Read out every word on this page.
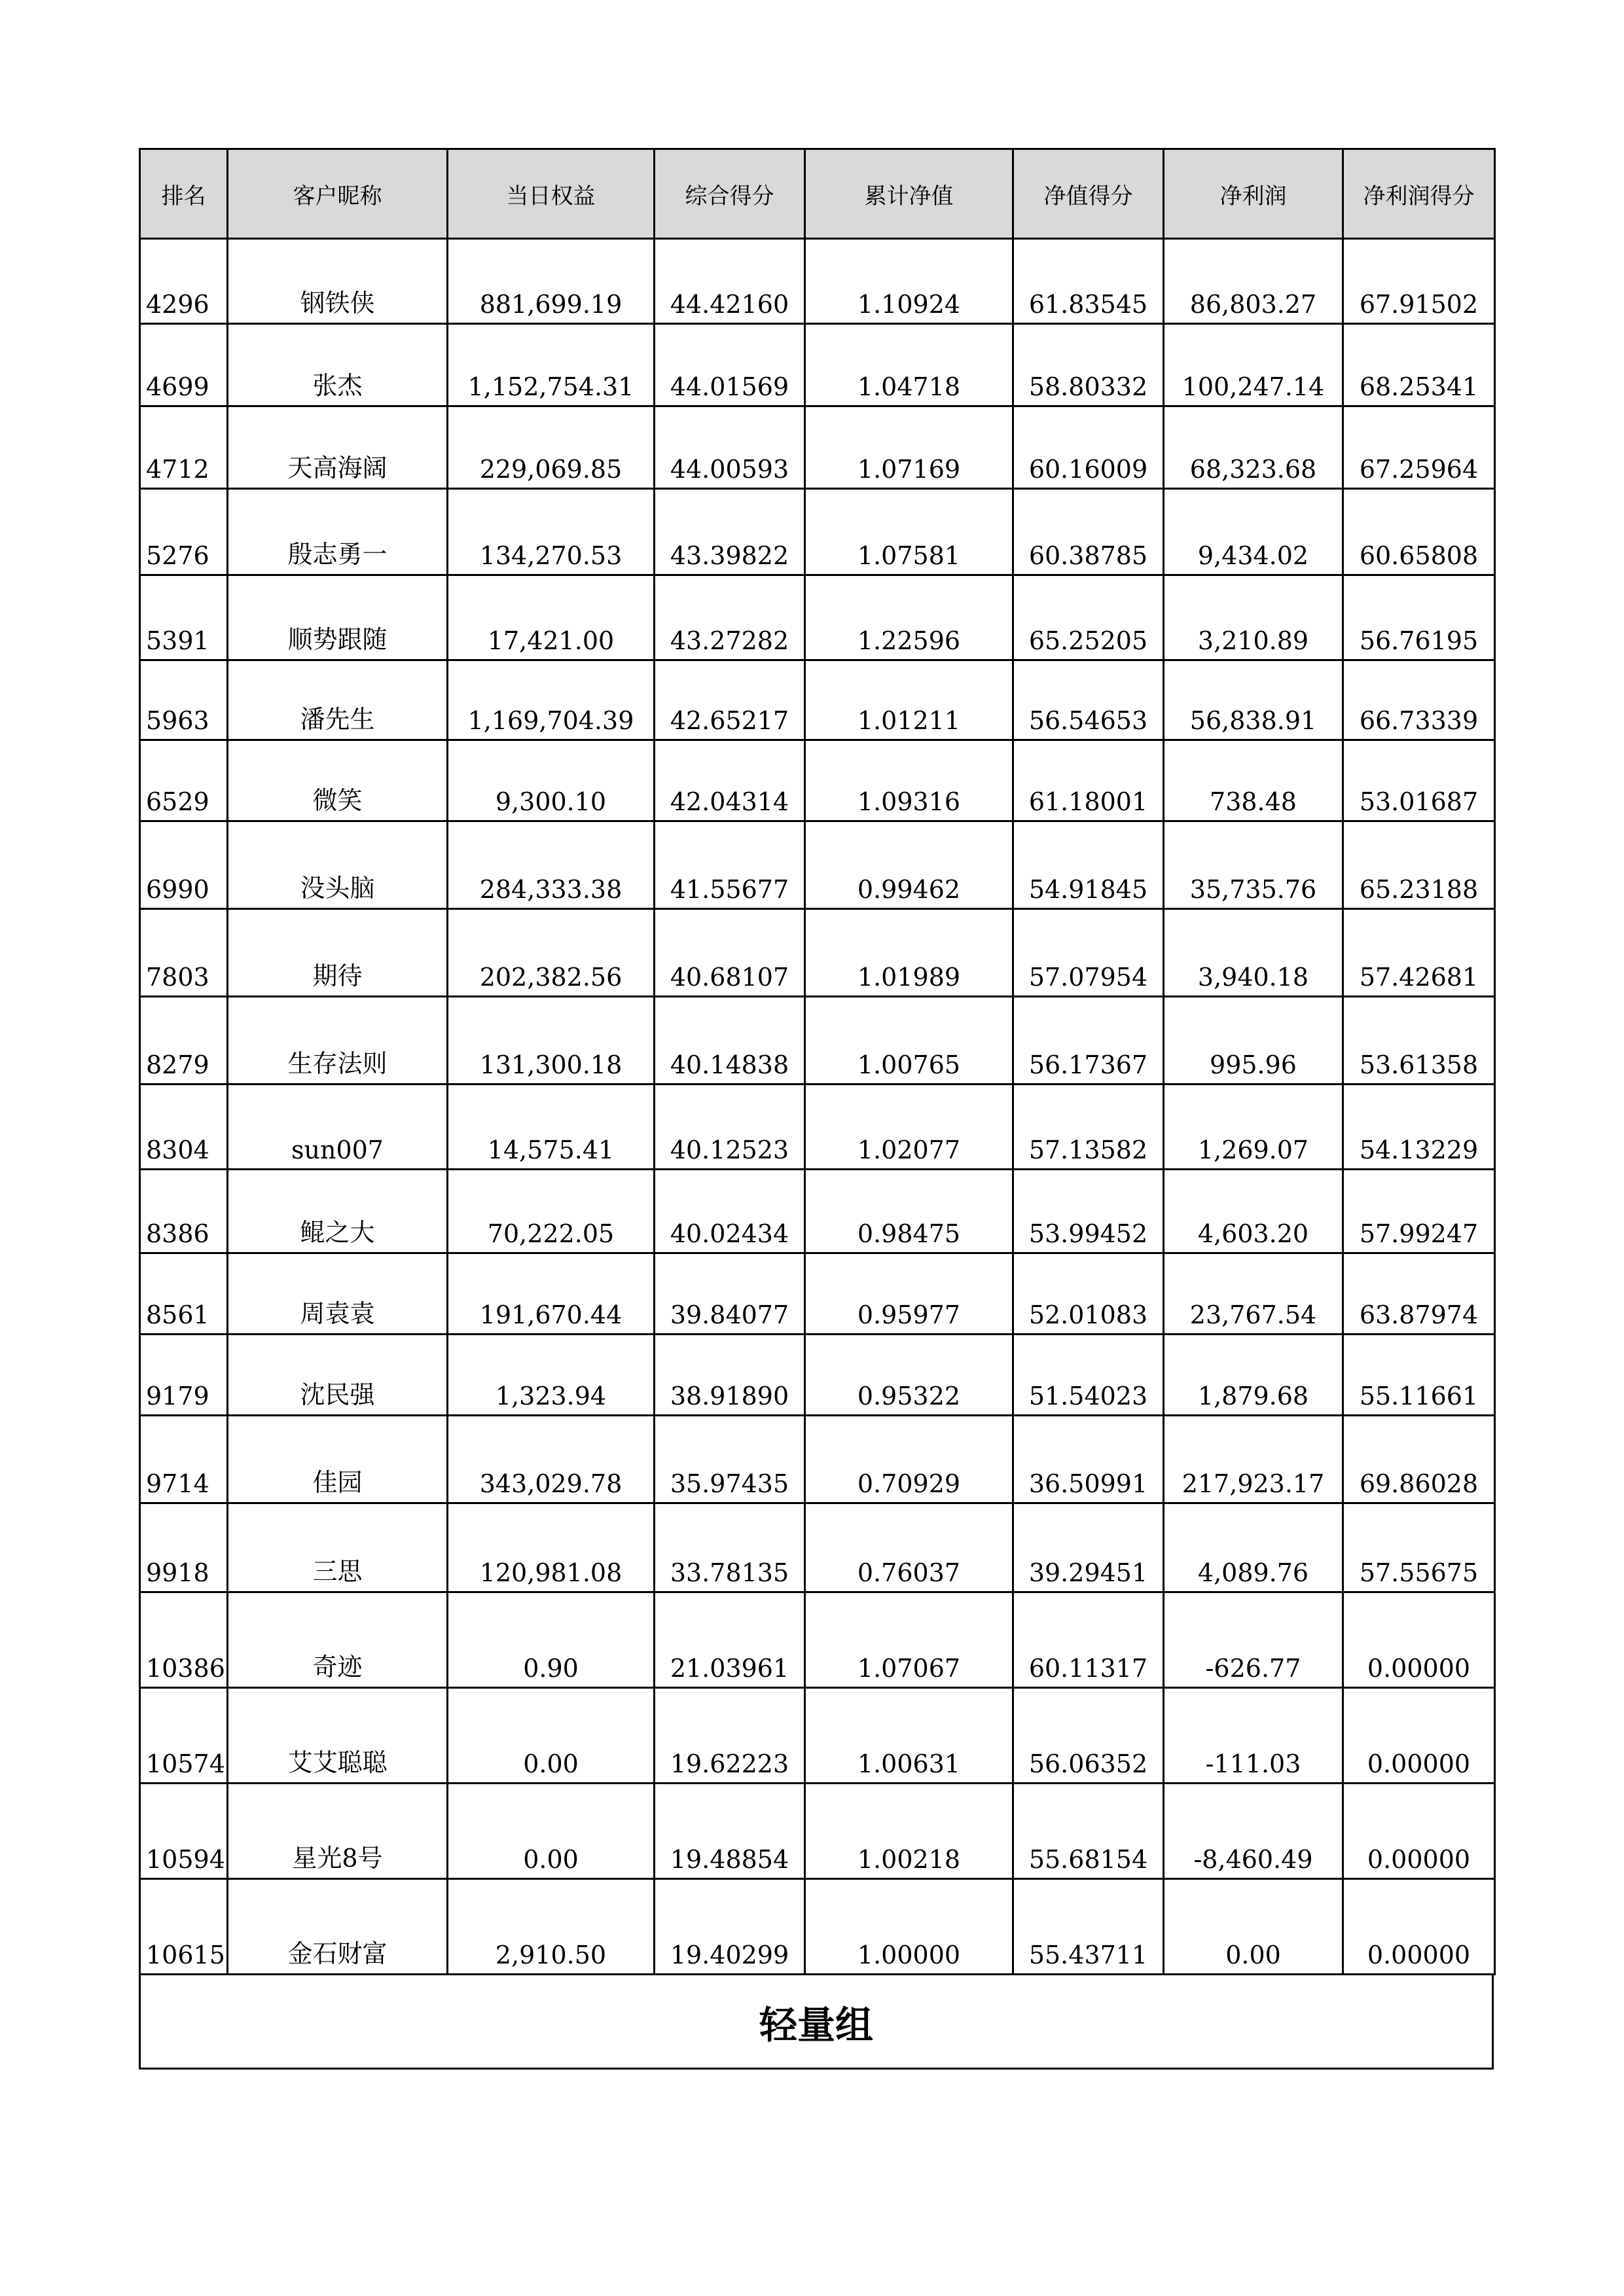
排名	客户昵称	当日权益	综合得分	累计净值	净值得分	净利润	净利润得分
4296	钢铁侠	881,699.19	44.42160	1.10924	61.83545	86,803.27	67.91502
4699	张杰	1,152,754.31	44.01569	1.04718	58.80332	100,247.14	68.25341
4712	天高海阔	229,069.85	44.00593	1.07169	60.16009	68,323.68	67.25964
5276	殷志勇一	134,270.53	43.39822	1.07581	60.38785	9,434.02	60.65808
5391	顺势跟随	17,421.00	43.27282	1.22596	65.25205	3,210.89	56.76195
5963	潘先生	1,169,704.39	42.65217	1.01211	56.54653	56,838.91	66.73339
6529	微笑	9,300.10	42.04314	1.09316	61.18001	738.48	53.01687
6990	没头脑	284,333.38	41.55677	0.99462	54.91845	35,735.76	65.23188
7803	期待	202,382.56	40.68107	1.01989	57.07954	3,940.18	57.42681
8279	生存法则	131,300.18	40.14838	1.00765	56.17367	995.96	53.61358
8304	sun007	14,575.41	40.12523	1.02077	57.13582	1,269.07	54.13229
8386	鲲之大	70,222.05	40.02434	0.98475	53.99452	4,603.20	57.99247
8561	周袁袁	191,670.44	39.84077	0.95977	52.01083	23,767.54	63.87974
9179	沈民强	1,323.94	38.91890	0.95322	51.54023	1,879.68	55.11661
9714	佳园	343,029.78	35.97435	0.70929	36.50991	217,923.17	69.86028
9918	三思	120,981.08	33.78135	0.76037	39.29451	4,089.76	57.55675
10386	奇迹	0.90	21.03961	1.07067	60.11317	-626.77	0.00000
10574	艾艾聪聪	0.00	19.62223	1.00631	56.06352	-111.03	0.00000
10594	星光8号	0.00	19.48854	1.00218	55.68154	-8,460.49	0.00000
10615	金石财富	2,910.50	19.40299	1.00000	55.43711	0.00	0.00000
轻量组
